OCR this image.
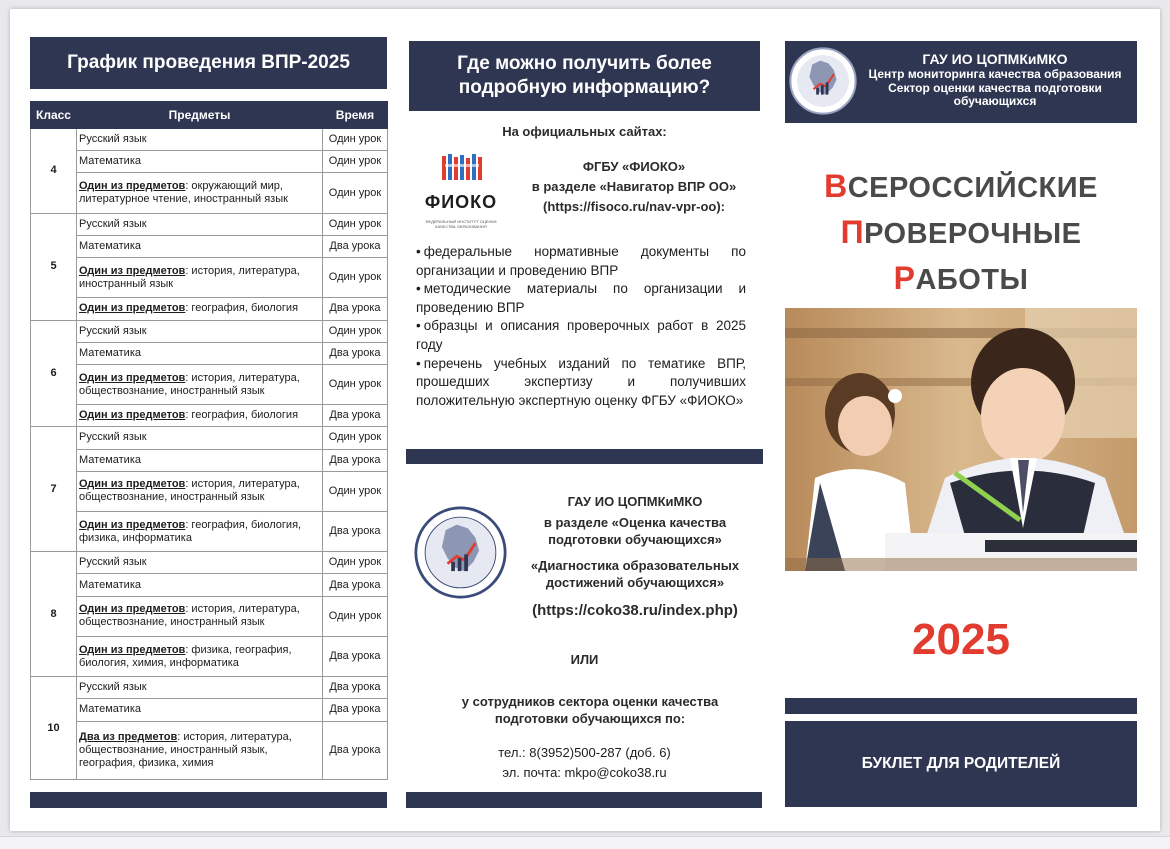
График проведения ВПР-2025
Класс	Предметы	Время
4	Русский язык	Один урок
	Математика	Один урок
	Один из предметов: окружающий мир, литературное чтение, иностранный язык	Один урок
5	Русский язык	Один урок
	Математика	Два урока
	Один из предметов: история, литература, иностранный язык	Один урок
	Один из предметов: география, биология	Два урока
6	Русский язык	Один урок
	Математика	Два урока
	Один из предметов: история, литература, обществознание, иностранный язык	Один урок
	Один из предметов: география, биология	Два урока
7	Русский язык	Один урок
	Математика	Два урока
	Один из предметов: история, литература, обществознание, иностранный язык	Один урок
	Один из предметов: география, биология, физика, информатика	Два урока
8	Русский язык	Один урок
	Математика	Два урока
	Один из предметов: история, литература, обществознание, иностранный язык	Один урок
	Один из предметов: физика, география, биология, химия, информатика	Два урока
10	Русский язык	Два урока
	Математика	Два урока
	Два из предметов: история, литература, обществознание, иностранный язык, география, физика, химия	Два урока
Где можно получить более подробную информацию?
На официальных сайтах:
ФИОКО
ФЕДЕРАЛЬНЫЙ ИНСТИТУТ ОЦЕНКИ КАЧЕСТВА ОБРАЗОВАНИЯ
ФГБУ «ФИОКО»
в разделе «Навигатор ВПР ОО»
(https://fisoco.ru/nav-vpr-oo):
• федеральные нормативные документы по организации и проведению ВПР
• методические материалы по организации и проведению ВПР
• образцы и описания проверочных работ в 2025 году
• перечень учебных изданий по тематике ВПР, прошедших экспертизу и получивших положительную экспертную оценку ФГБУ «ФИОКО»
ГАУ ИО ЦОПМКиМКО
в разделе «Оценка качества подготовки обучающихся»
«Диагностика образовательных достижений обучающихся»
(https://coko38.ru/index.php)
ИЛИ
у сотрудников сектора оценки качества подготовки обучающихся по:
тел.: 8(3952)500-287 (доб. 6)
эл. почта: mkpo@coko38.ru
ГАУ ИО ЦОПМКиМКО
Центр мониторинга качества образования
Сектор оценки качества подготовки обучающихся
ВСЕРОССИЙСКИЕ
ПРОВЕРОЧНЫЕ
РАБОТЫ
2025
БУКЛЕТ ДЛЯ РОДИТЕЛЕЙ
